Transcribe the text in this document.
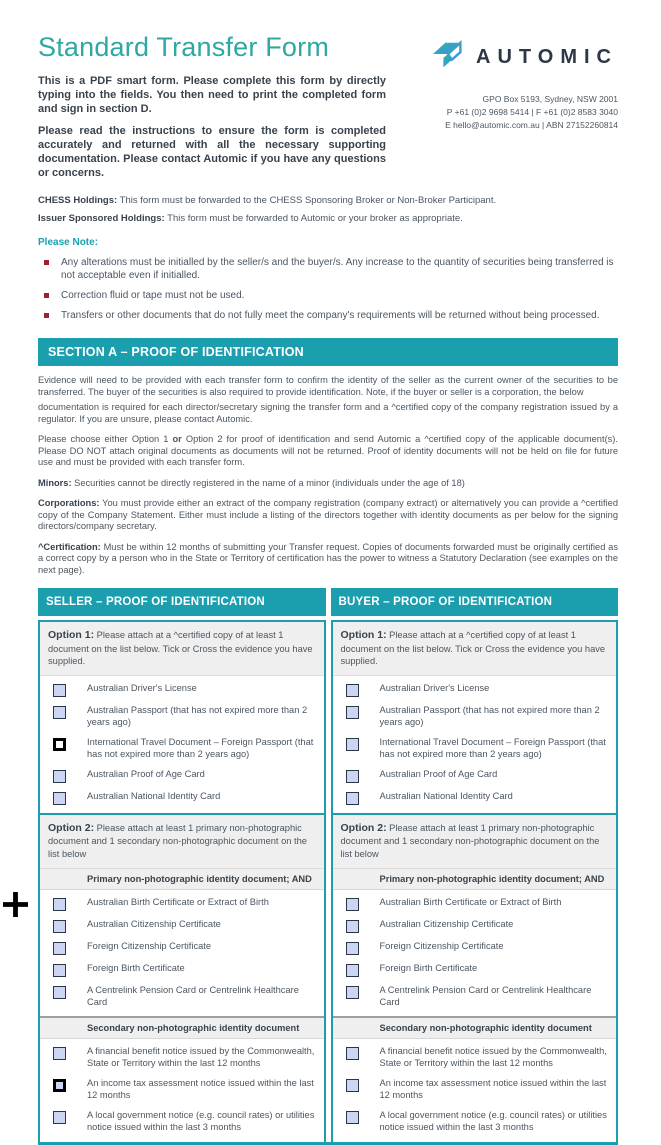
Standard Transfer Form

This is a PDF smart form. Please complete this form by directly typing into the fields. You then need to print the completed form and sign in section D.

Please read the instructions to ensure the form is completed accurately and returned with all the necessary supporting documentation. Please contact Automic if you have any questions or concerns.

AUTOMIC
GPO Box 5193, Sydney, NSW 2001
P +61 (0)2 9698 5414 | F +61 (0)2 8583 3040
E hello@automic.com.au | ABN 27152260814
CHESS Holdings: This form must be forwarded to the CHESS Sponsoring Broker or Non-Broker Participant.
Issuer Sponsored Holdings: This form must be forwarded to Automic or your broker as appropriate.
Please Note:
Any alterations must be initialled by the seller/s and the buyer/s. Any increase to the quantity of securities being transferred is not acceptable even if initialled.
Correction fluid or tape must not be used.
Transfers or other documents that do not fully meet the company's requirements will be returned without being processed.
SECTION A – PROOF OF IDENTIFICATION

Evidence will need to be provided with each transfer form to confirm the identity of the seller as the current owner of the securities to be transferred. The buyer of the securities is also required to provide identification. Note, if the buyer or seller is a corporation, the below

documentation is required for each director/secretary signing the transfer form and a ^certified copy of the company registration issued by a regulator. If you are unsure, please contact Automic.

Please choose either Option 1 or Option 2 for proof of identification and send Automic a ^certified copy of the applicable document(s). Please DO NOT attach original documents as documents will not be returned. Proof of identity documents will not be held on file for future use and must be provided with each transfer form.

Minors: Securities cannot be directly registered in the name of a minor (individuals under the age of 18)

Corporations: You must provide either an extract of the company registration (company extract) or alternatively you can provide a ^certified copy of the Company Statement. Either must include a listing of the directors together with identity documents as per below for the signing directors/company secretary.

^Certification: Must be within 12 months of submitting your Transfer request. Copies of documents forwarded must be originally certified as a correct copy by a person who in the State or Territory of certification has the power to witness a Statutory Declaration (see examples on the next page).

SELLER – PROOF OF IDENTIFICATION
Option 1: Please attach at a ^certified copy of at least 1 document on the list below. Tick or Cross the evidence you have supplied.
Australian Driver's License
Australian Passport (that has not expired more than 2 years ago)
International Travel Document – Foreign Passport (that has not expired more than 2 years ago)
Australian Proof of Age Card
Australian National Identity Card
Option 2: Please attach at least 1 primary non-photographic document and 1 secondary non-photographic document on the list below
Primary non-photographic identity document; AND
Australian Birth Certificate or Extract of Birth
Australian Citizenship Certificate
Foreign Citizenship Certificate
Foreign Birth Certificate
A Centrelink Pension Card or Centrelink Healthcare Card
Secondary non-photographic identity document
A financial benefit notice issued by the Commonwealth, State or Territory within the last 12 months
An income tax assessment notice issued within the last 12 months
A local government notice (e.g. council rates) or utilities notice issued within the last 3 months
BUYER – PROOF OF IDENTIFICATION
Option 1: Please attach at a ^certified copy of at least 1 document on the list below. Tick or Cross the evidence you have supplied.
Australian Driver's License
Australian Passport (that has not expired more than 2 years ago)
International Travel Document – Foreign Passport (that has not expired more than 2 years ago)
Australian Proof of Age Card
Australian National Identity Card
Option 2: Please attach at least 1 primary non-photographic document and 1 secondary non-photographic document on the list below
Primary non-photographic identity document; AND
Australian Birth Certificate or Extract of Birth
Australian Citizenship Certificate
Foreign Citizenship Certificate
Foreign Birth Certificate
A Centrelink Pension Card or Centrelink Healthcare Card
Secondary non-photographic identity document
A financial benefit notice issued by the Commonwealth, State or Territory within the last 12 months
An income tax assessment notice issued within the last 12 months
A local government notice (e.g. council rates) or utilities notice issued within the last 3 months
